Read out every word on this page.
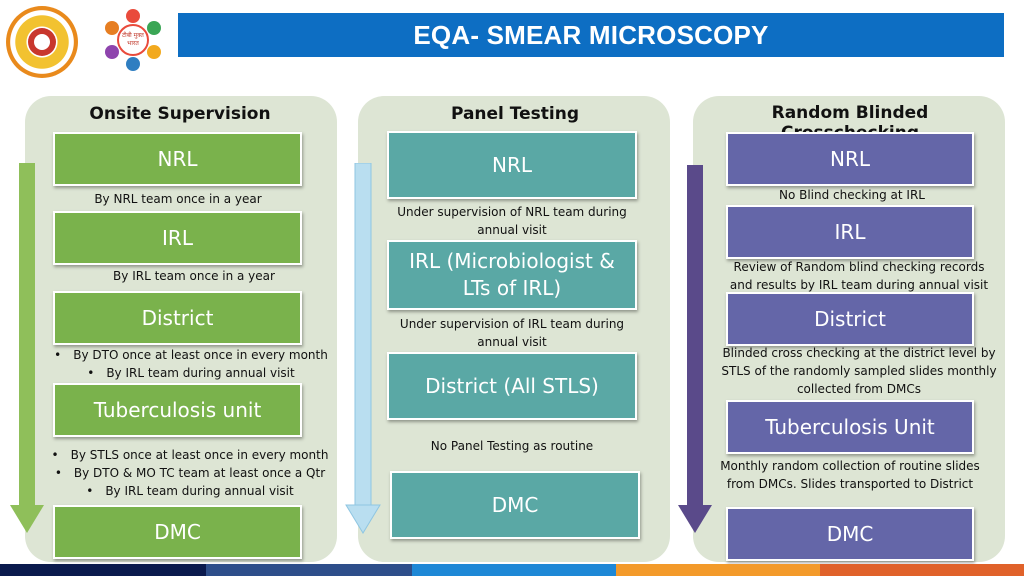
टीबी मुक्त भारत	EQA- SMEAR MICROSCOPY
Onsite Supervision
NRL
By NRL team once in a year
IRL
By IRL team once in a year
District
• By DTO once at least once in every month
• By IRL team during annual visit
Tuberculosis unit
• By STLS once at least once in every month
• By DTO & MO TC team at least once a Qtr
• By IRL team during annual visit
DMC
Panel Testing
NRL
Under supervision of NRL team during annual visit
IRL (Microbiologist & LTs of IRL)
Under supervision of IRL team during annual visit
District (All STLS)
No Panel Testing as routine
DMC
Random Blinded
NRL
No Blind checking at IRL
IRL
Review of Random blind checking records and results by IRL team during annual visit
District
Blinded cross checking at the district level by STLS of the randomly sampled slides monthly collected from DMCs
Tuberculosis Unit
Monthly random collection of routine slides from DMCs. Slides transported to District
DMC
